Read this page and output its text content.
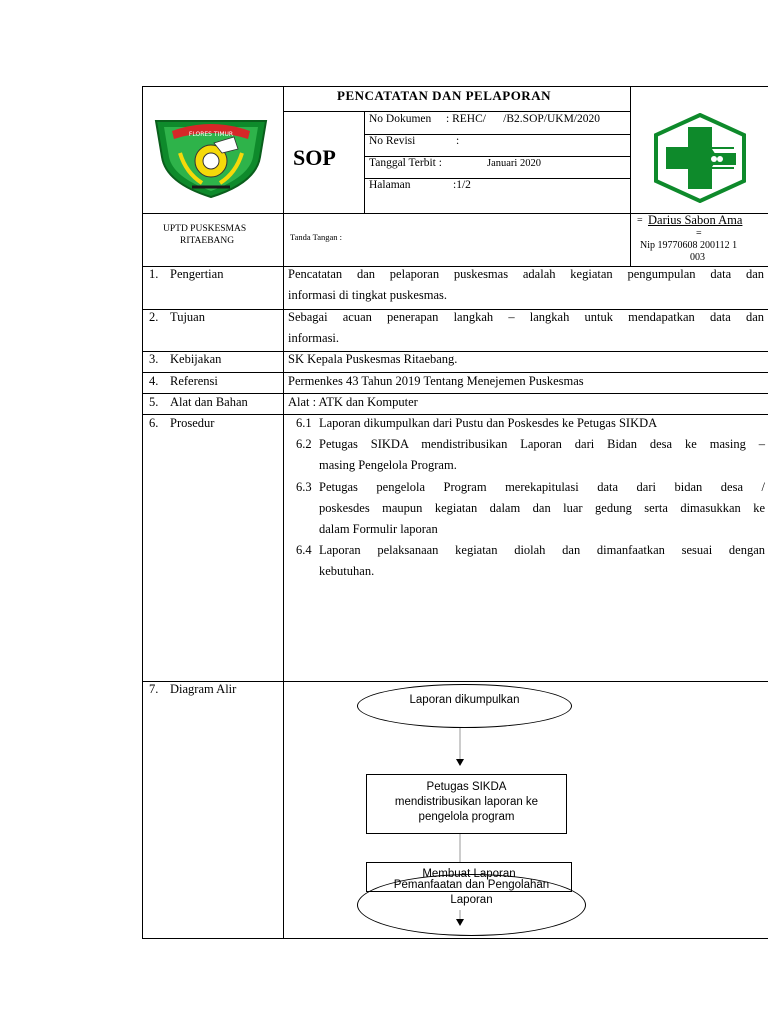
FLORES TIMUR
PENCATATAN DAN PELAPORAN
SOP
No Dokumen : REHC/      /B2.SOP/UKM/2020
No Revisi	:
Tanggal Terbit :	Januari 2020
Halaman	:1/2
UPTD PUSKESMAS
RITAEBANG	Tanda Tangan :
= Darius Sabon Ama
=
Nip 19770608 200112 1
003
1. Pengertian	Pencatatan dan pelaporan puskesmas adalah kegiatan pengumpulan data dan
informasi di tingkat puskesmas.
2. Tujuan	Sebagai acuan penerapan langkah – langkah untuk mendapatkan data dan
informasi.
3. Kebijakan	SK Kepala Puskesmas Ritaebang.
4. Referensi	Permenkes 43 Tahun 2019 Tentang Menejemen Puskesmas
5. Alat dan Bahan	Alat : ATK dan Komputer
6. Prosedur	6.1 Laporan dikumpulkan dari Pustu dan Poskesdes ke Petugas SIKDA
6.2 Petugas SIKDA mendistribusikan Laporan dari Bidan desa ke masing –
masing Pengelola Program.
6.3 Petugas pengelola Program merekapitulasi data dari bidan desa /
poskesdes maupun kegiatan dalam dan luar gedung serta dimasukkan ke
dalam Formulir laporan
6.4 Laporan pelaksanaan kegiatan diolah dan dimanfaatkan sesuai dengan
kebutuhan.
7. Diagram Alir
Laporan dikumpulkan
Petugas SIKDA
mendistribusikan laporan ke
pengelola program
Membuat Laporan
Pemanfaatan dan Pengolahan
Laporan
